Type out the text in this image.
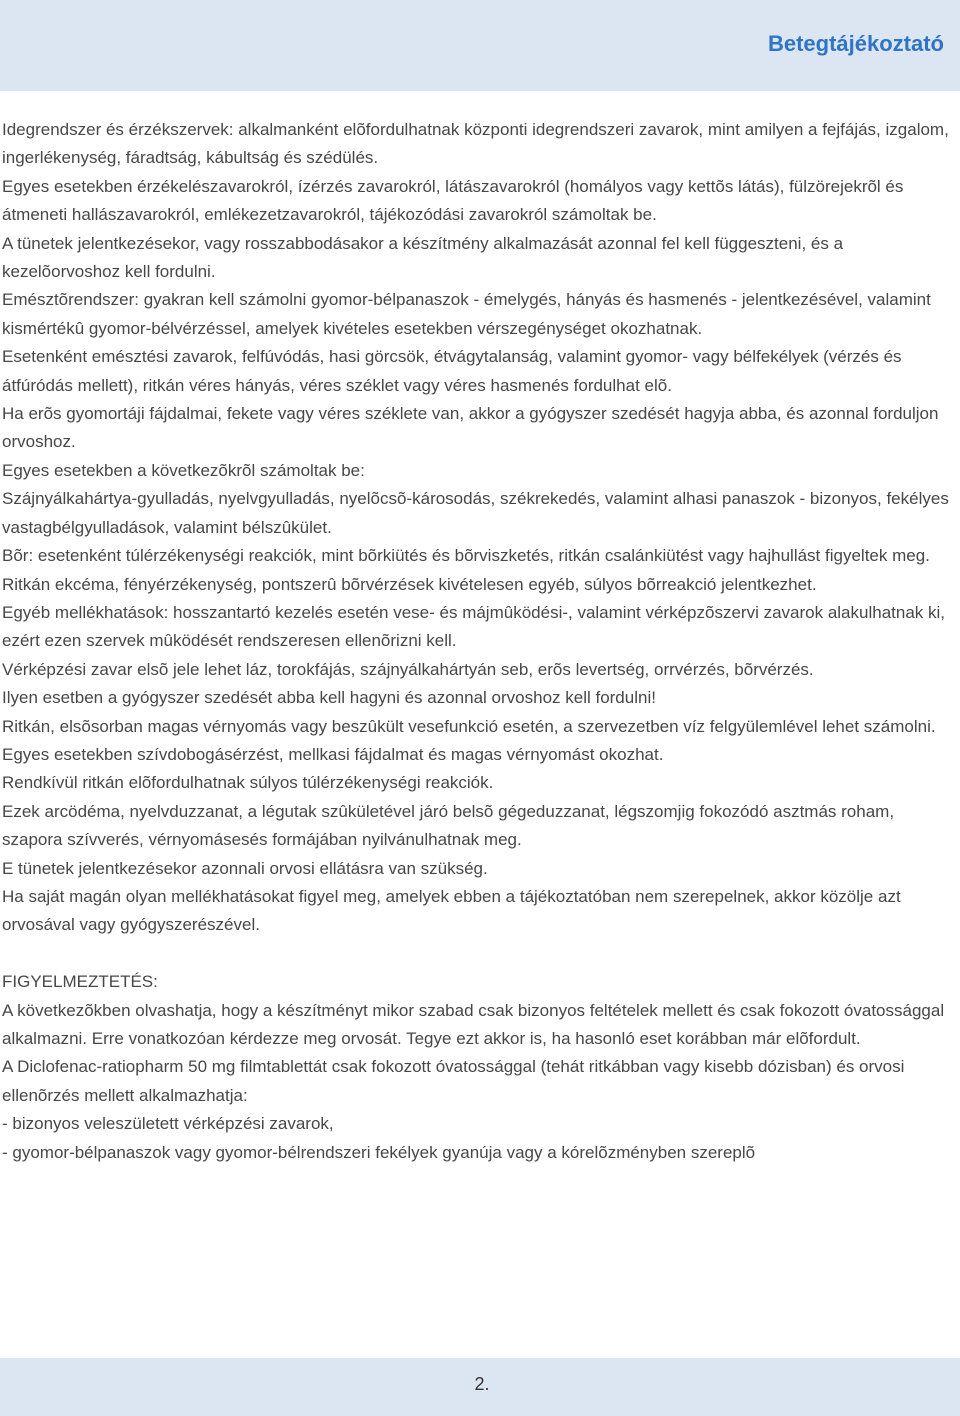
Betegtájékoztató

Idegrendszer és érzékszervek: alkalmanként elõfordulhatnak központi idegrendszeri zavarok, mint amilyen a fejfájás, izgalom, ingerlékenység, fáradtság, kábultság és szédülés.

Egyes esetekben érzékelészavarokról, ízérzés zavarokról, látászavarokról (homályos vagy kettõs látás), fülzörejekrõl és átmeneti hallászavarokról, emlékezetzavarokról, tájékozódási zavarokról számoltak be.

A tünetek jelentkezésekor, vagy rosszabbodásakor a készítmény alkalmazását azonnal fel kell függeszteni, és a kezelõorvoshoz kell fordulni.

Emésztõrendszer: gyakran kell számolni gyomor-bélpanaszok - émelygés, hányás és hasmenés - jelentkezésével, valamint kismértékû gyomor-bélvérzéssel, amelyek kivételes esetekben vérszegénységet okozhatnak.

Esetenként emésztési zavarok, felfúvódás, hasi görcsök, étvágytalanság, valamint gyomor- vagy bélfekélyek (vérzés és átfúródás mellett), ritkán véres hányás, véres széklet vagy véres hasmenés fordulhat elõ.

Ha erõs gyomortáji fájdalmai, fekete vagy véres széklete van, akkor a gyógyszer szedését hagyja abba, és azonnal forduljon orvoshoz.

Egyes esetekben a következõkrõl számoltak be:

Szájnyálkahártya-gyulladás, nyelvgyulladás, nyelõcsõ-károsodás, székrekedés, valamint alhasi panaszok - bizonyos, fekélyes vastagbélgyulladások, valamint bélszûkület.

Bõr: esetenként túlérzékenységi reakciók, mint bõrkiütés és bõrviszketés, ritkán csalánkiütést vagy hajhullást figyeltek meg.

Ritkán ekcéma, fényérzékenység, pontszerû bõrvérzések kivételesen egyéb, súlyos bõrreakció jelentkezhet.

Egyéb mellékhatások: hosszantartó kezelés esetén vese- és májmûködési-, valamint vérképzõszervi zavarok alakulhatnak ki, ezért ezen szervek mûködését rendszeresen ellenõrizni kell.

Vérképzési zavar elsõ jele lehet láz, torokfájás, szájnyálkahártyán seb, erõs levertség, orrvérzés, bõrvérzés.

Ilyen esetben a gyógyszer szedését abba kell hagyni és azonnal orvoshoz kell fordulni!

Ritkán, elsõsorban magas vérnyomás vagy beszûkült vesefunkció esetén, a szervezetben víz felgyülemlével lehet számolni.

Egyes esetekben szívdobogásérzést, mellkasi fájdalmat és magas vérnyomást okozhat.

Rendkívül ritkán elõfordulhatnak súlyos túlérzékenységi reakciók.

Ezek arcödéma, nyelvduzzanat, a légutak szûkületével járó belsõ gégeduzzanat, légszomjig fokozódó asztmás roham, szapora szívverés, vérnyomásesés formájában nyilvánulhatnak meg.

E tünetek jelentkezésekor azonnali orvosi ellátásra van szükség.

Ha saját magán olyan mellékhatásokat figyel meg, amelyek ebben a tájékoztatóban nem szerepelnek, akkor közölje azt orvosával vagy gyógyszerészével.

FIGYELMEZTETÉS:

A következõkben olvashatja, hogy a készítményt mikor szabad csak bizonyos feltételek mellett és csak fokozott óvatossággal alkalmazni. Erre vonatkozóan kérdezze meg orvosát. Tegye ezt akkor is, ha hasonló eset korábban már elõfordult.

A Diclofenac-ratiopharm 50 mg filmtablettát csak fokozott óvatossággal (tehát ritkábban vagy kisebb dózisban) és orvosi ellenõrzés mellett alkalmazhatja:

- bizonyos veleszületett vérképzési zavarok,

- gyomor-bélpanaszok vagy gyomor-bélrendszeri fekélyek gyanúja vagy a kórelõzményben szereplõ

2.
